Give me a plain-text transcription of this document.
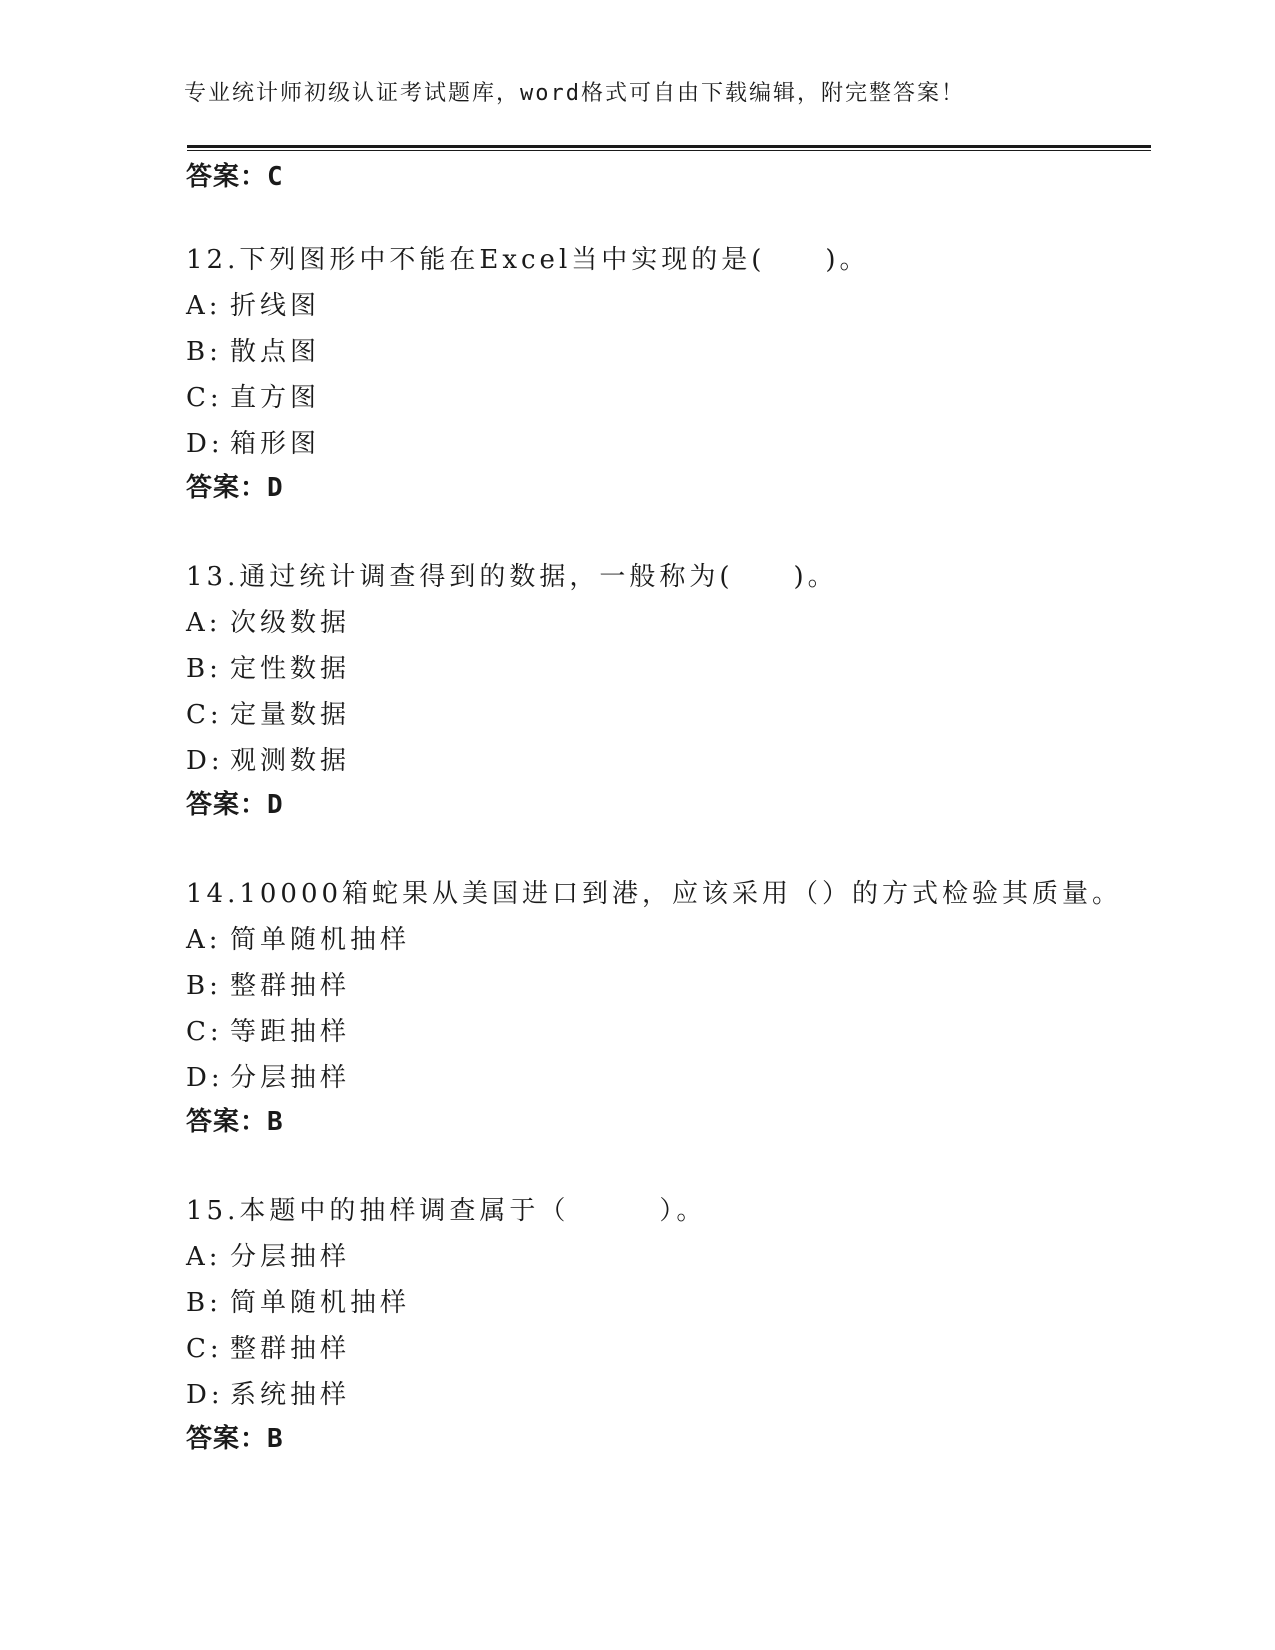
专业统计师初级认证考试题库，word格式可自由下载编辑，附完整答案！
答案：C
12.下列图形中不能在Excel当中实现的是(　　)。
A: 折线图
B: 散点图
C: 直方图
D: 箱形图
答案：D
13.通过统计调查得到的数据，一般称为(　　)。
A: 次级数据
B: 定性数据
C: 定量数据
D: 观测数据
答案：D
14.10000箱蛇果从美国进口到港，应该采用（）的方式检验其质量。
A: 简单随机抽样
B: 整群抽样
C: 等距抽样
D: 分层抽样
答案：B
15.本题中的抽样调查属于（　　　）。
A: 分层抽样
B: 简单随机抽样
C: 整群抽样
D: 系统抽样
答案：B
